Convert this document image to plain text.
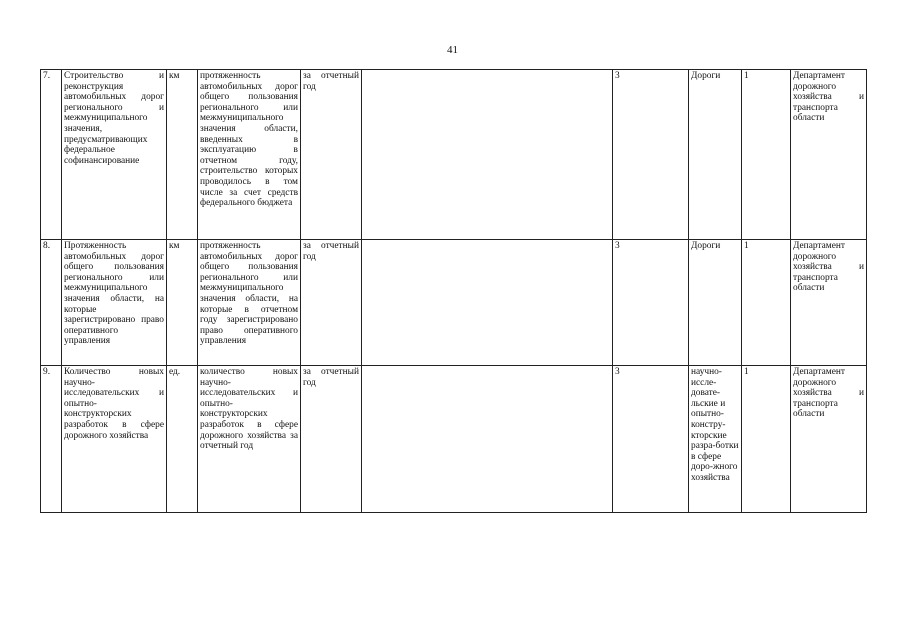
41
7.	Строительство и реконструкция автомобильных дорог регионального и межмуниципального значения, предусматривающих федеральное софинансирование	км	протяженность автомобильных дорог общего пользования регионального или межмуниципального значения области, введенных в эксплуатацию в отчетном году, строительство которых проводилось в том числе за счет средств федерального бюджета	за отчетный год		3	Дороги	1	Департамент дорожного хозяйства и транспорта области
8.	Протяженность автомобильных дорог общего пользования регионального или межмуниципального значения области, на которые зарегистрировано право оперативного управления	км	протяженность автомобильных дорог общего пользования регионального или межмуниципального значения области, на которые в отчетном году зарегистрировано право оперативного управления	за отчетный год		3	Дороги	1	Департамент дорожного хозяйства и транспорта области
9.	Количество новых научно-исследовательских и опытно-конструкторских разработок в сфере дорожного хозяйства	ед.	количество новых научно-исследовательских и опытно-конструкторских разработок в сфере дорожного хозяйства за отчетный год	за отчетный год		3	научно-иссле-довате-льские и опытно-констру-кторские разра-ботки в сфере доро-жного хозяйства	1	Департамент дорожного хозяйства и транспорта области
